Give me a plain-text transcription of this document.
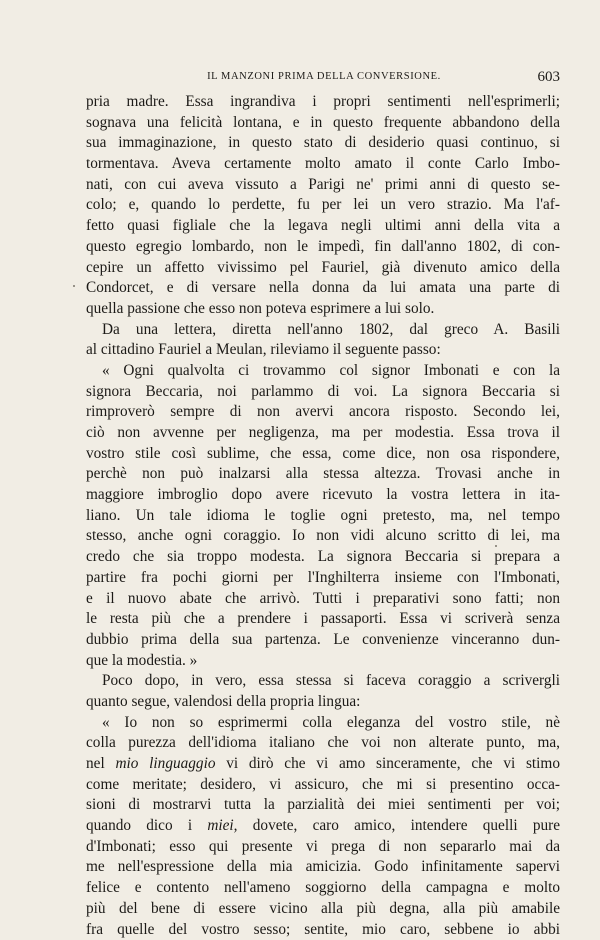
IL MANZONI PRIMA DELLA CONVERSIONE.	603
pria madre. Essa ingrandiva i propri sentimenti nell'esprimerli;
sognava una felicità lontana, e in questo frequente abbandono della
sua immaginazione, in questo stato di desiderio quasi continuo, si
tormentava. Aveva certamente molto amato il conte Carlo Imbo-
nati, con cui aveva vissuto a Parigi ne' primi anni di questo se-
colo; e, quando lo perdette, fu per lei un vero strazio. Ma l'af-
fetto quasi figliale che la legava negli ultimi anni della vita a
questo egregio lombardo, non le impedì, fin dall'anno 1802, di con-
cepire un affetto vivissimo pel Fauriel, già divenuto amico della
Condorcet, e di versare nella donna da lui amata una parte di
quella passione che esso non poteva esprimere a lui solo.
Da una lettera, diretta nell'anno 1802, dal greco A. Basili
al cittadino Fauriel a Meulan, rileviamo il seguente passo:
« Ogni qualvolta ci trovammo col signor Imbonati e con la
signora Beccaria, noi parlammo di voi. La signora Beccaria si
rimproverò sempre di non avervi ancora risposto. Secondo lei,
ciò non avvenne per negligenza, ma per modestia. Essa trova il
vostro stile così sublime, che essa, come dice, non osa rispondere,
perchè non può inalzarsi alla stessa altezza. Trovasi anche in
maggiore imbroglio dopo avere ricevuto la vostra lettera in ita-
liano. Un tale idioma le toglie ogni pretesto, ma, nel tempo
stesso, anche ogni coraggio. Io non vidi alcuno scritto di lei, ma
credo che sia troppo modesta. La signora Beccaria si prepara a
partire fra pochi giorni per l'Inghilterra insieme con l'Imbonati,
e il nuovo abate che arrivò. Tutti i preparativi sono fatti; non
le resta più che a prendere i passaporti. Essa vi scriverà senza
dubbio prima della sua partenza. Le convenienze vinceranno dun-
que la modestia. »
Poco dopo, in vero, essa stessa si faceva coraggio a scrivergli
quanto segue, valendosi della propria lingua:
« Io non so esprimermi colla eleganza del vostro stile, nè
colla purezza dell'idioma italiano che voi non alterate punto, ma,
nel mio linguaggio vi dirò che vi amo sinceramente, che vi stimo
come meritate; desidero, vi assicuro, che mi si presentino occa-
sioni di mostrarvi tutta la parzialità dei miei sentimenti per voi;
quando dico i miei, dovete, caro amico, intendere quelli pure
d'Imbonati; esso qui presente vi prega di non separarlo mai da
me nell'espressione della mia amicizia. Godo infinitamente sapervi
felice e contento nell'ameno soggiorno della campagna e molto
più del bene di essere vicino alla più degna, alla più amabile
fra quelle del vostro sesso; sentite, mio caro, sebbene io abbi
